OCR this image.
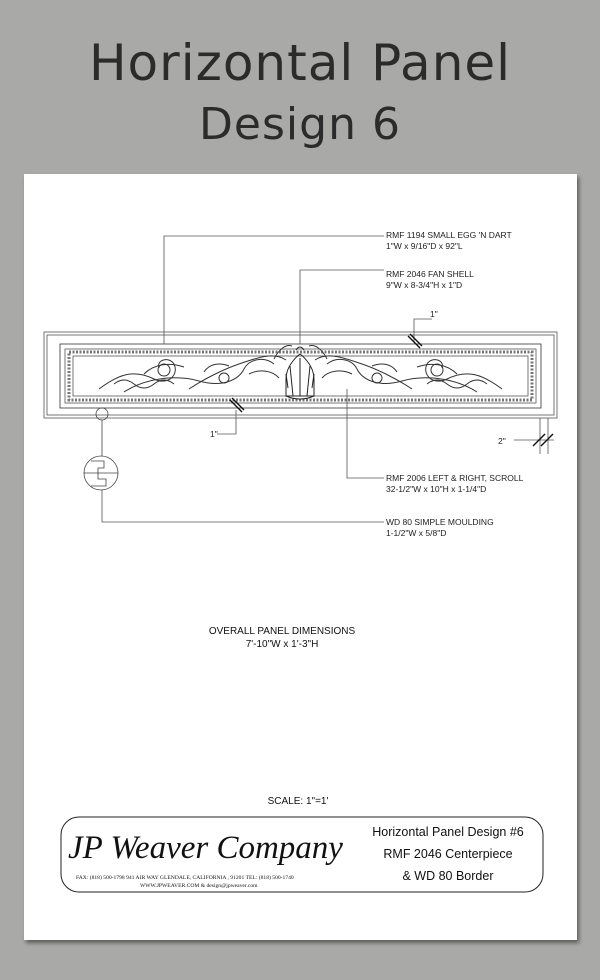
Horizontal Panel
Design 6
RMF 1194 SMALL EGG 'N DART
1"W x 9/16"D x 92"L
RMF 2046 FAN SHELL
9"W x 8-3/4"H x 1"D
1"
1"
2"
RMF 2006 LEFT & RIGHT, SCROLL
32-1/2"W x 10"H x 1-1/4"D
WD 80 SIMPLE MOULDING
1-1/2"W x 5/8"D
OVERALL PANEL DIMENSIONS
7'-10"W x 1'-3"H
SCALE: 1"=1'
JP Weaver Company
FAX: (818) 500-1798 941 AIR WAY GLENDALE, CALIFORNIA , 91201 TEL: (818) 500-1740
WWW.JPWEAVER.COM & design@jpweaver.com
Horizontal Panel Design #6
RMF 2046 Centerpiece
& WD 80 Border
